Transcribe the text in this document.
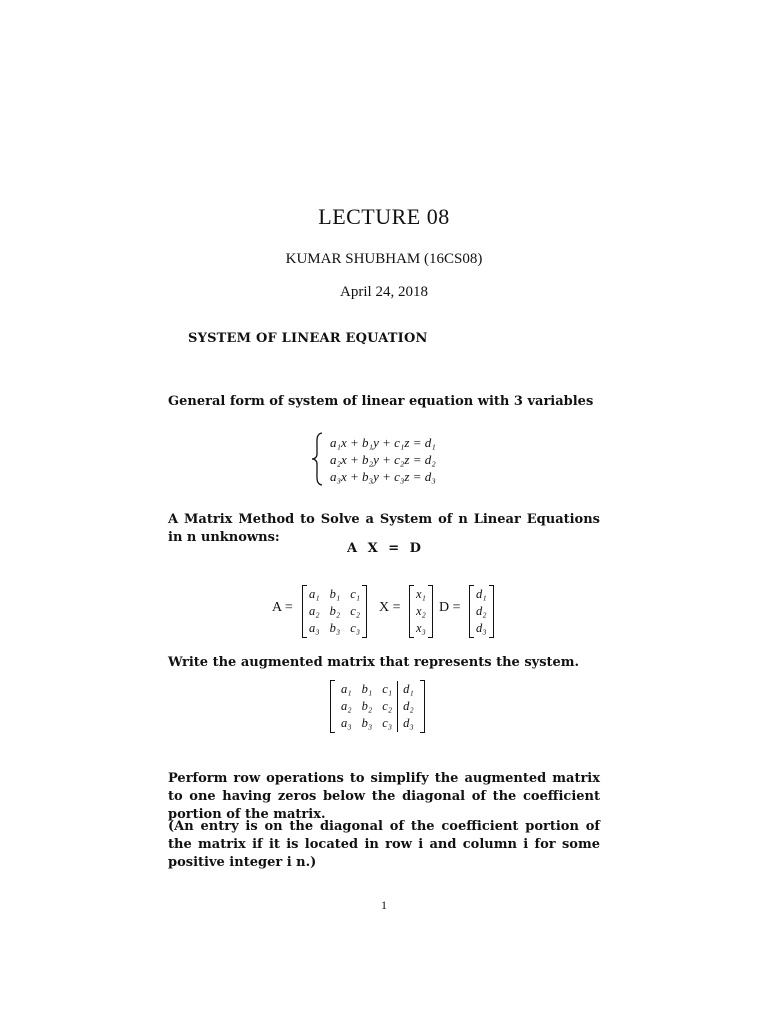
LECTURE 08
KUMAR SHUBHAM (16CS08)
April 24, 2018
SYSTEM OF LINEAR EQUATION
General form of system of linear equation with 3 variables
a₁x + b₁y + c₁z = d₁
a₂x + b₂y + c₂z = d₂
a₃x + b₃y + c₃z = d₃
A Matrix Method to Solve a System of n Linear Equations in n unknowns:
A X = D
A =
a₁	b₁	c₁
a₂	b₂	c₂
a₃	b₃	c₃
X =
x₁
x₂
x₃
D =
d₁
d₂
d₃
Write the augmented matrix that represents the system.
a₁	b₁	c₁	d₁
a₂	b₂	c₂	d₂
a₃	b₃	c₃	d₃
Perform row operations to simplify the augmented matrix to one having zeros below the diagonal of the coefficient portion of the matrix.
(An entry is on the diagonal of the coefficient portion of the matrix if it is located in row i and column i for some positive integer i n.)
1
